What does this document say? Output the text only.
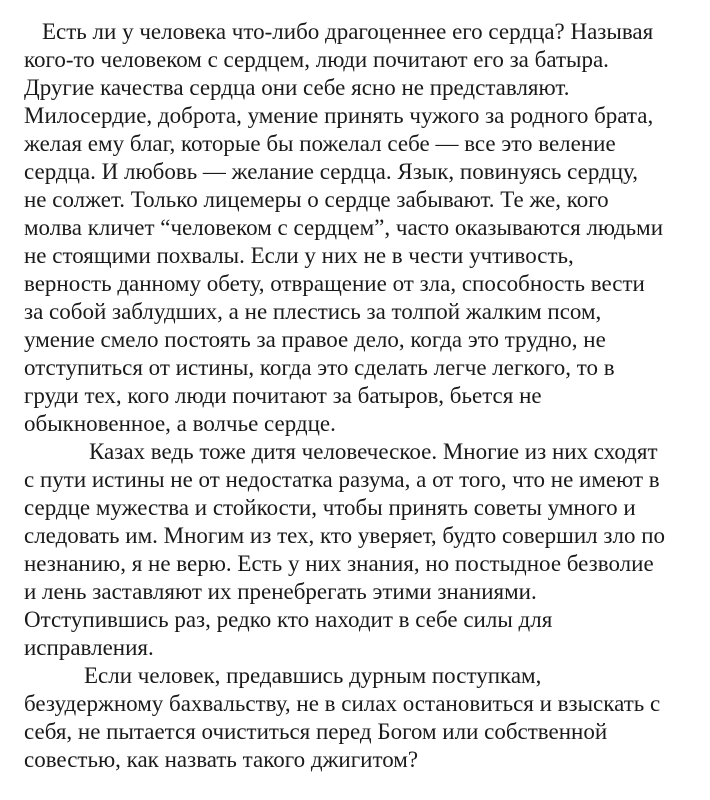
Есть ли у человека что-либо драгоценнее его сердца? Называя
кого-то человеком с сердцем, люди почитают его за батыра.
Другие качества сердца они себе ясно не представляют.
Милосердие, доброта, умение принять чужого за родного брата,
желая ему благ, которые бы пожелал себе — все это веление
сердца. И любовь — желание сердца. Язык, повинуясь сердцу,
не солжет. Только лицемеры о сердце забывают. Те же, кого
молва кличет “человеком с сердцем”, часто оказываются людьми
не стоящими похвалы. Если у них не в чести учтивость,
верность данному обету, отвращение от зла, способность вести
за собой заблудших, а не плестись за толпой жалким псом,
умение смело постоять за правое дело, когда это трудно, не
отступиться от истины, когда это сделать легче легкого, то в
груди тех, кого люди почитают за батыров, бьется не
обыкновенное, а волчье сердце.

Казах ведь тоже дитя человеческое. Многие из них сходят
с пути истины не от недостатка разума, а от того, что не имеют в
сердце мужества и стойкости, чтобы принять советы умного и
следовать им. Многим из тех, кто уверяет, будто совершил зло по
незнанию, я не верю. Есть у них знания, но постыдное безволие
и лень заставляют их пренебрегать этими знаниями.
Отступившись раз, редко кто находит в себе силы для
исправления.

Если человек, предавшись дурным поступкам,
безудержному бахвальству, не в силах остановиться и взыскать с
себя, не пытается очиститься перед Богом или собственной
совестью, как назвать такого джигитом?
